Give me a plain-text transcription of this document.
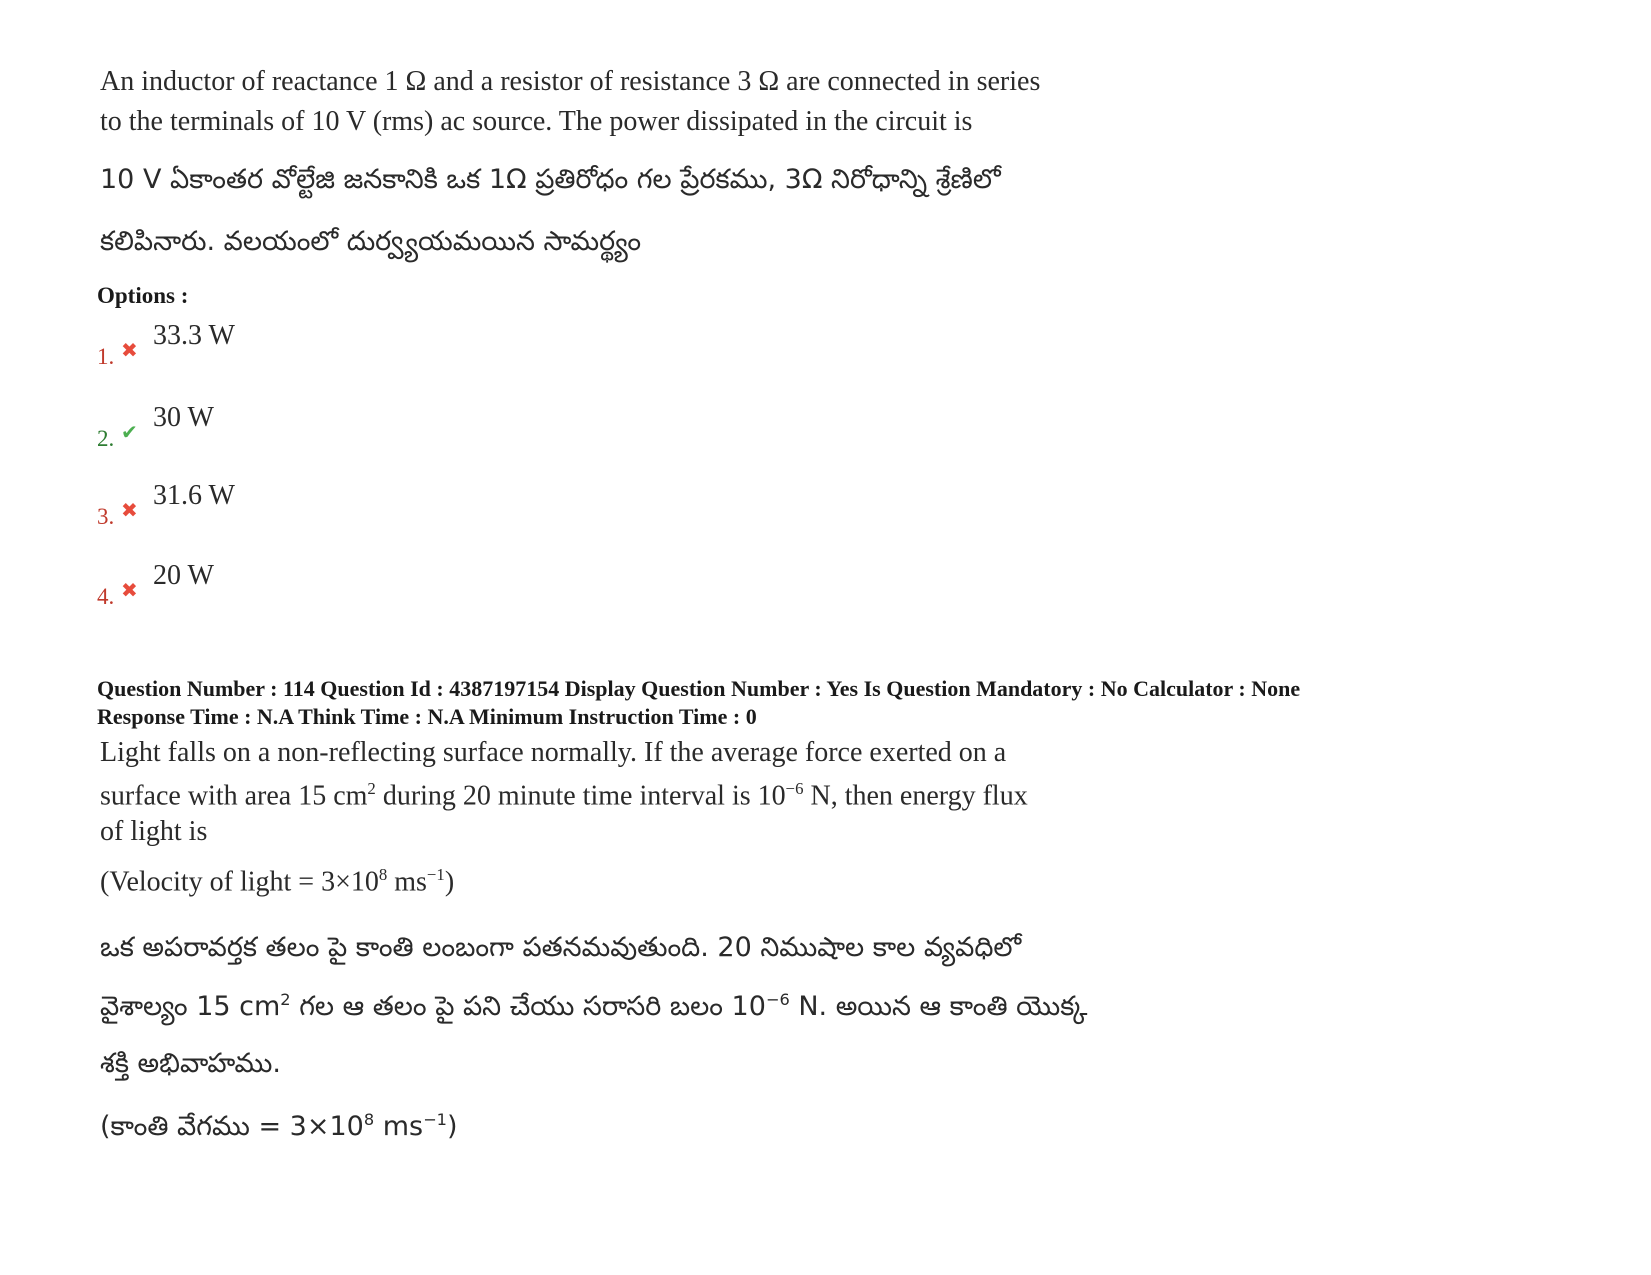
An inductor of reactance 1 Ω and a resistor of resistance 3 Ω are connected in series
to the terminals of 10 V (rms) ac source. The power dissipated in the circuit is
10 V ఏకాంతర వోల్టేజి జనకానికి ఒక 1Ω ప్రతిరోధం గల ప్రేరకము, 3Ω నిరోధాన్ని శ్రేణిలో
కలిపినారు. వలయంలో దుర్వ్యయమయిన సామర్థ్యం
Options :
1. ✖ 33.3 W
2. ✔ 30 W
3. ✖ 31.6 W
4. ✖ 20 W
Question Number : 114 Question Id : 4387197154 Display Question Number : Yes Is Question Mandatory : No Calculator : None
Response Time : N.A Think Time : N.A Minimum Instruction Time : 0
Light falls on a non-reflecting surface normally. If the average force exerted on a
surface with area 15 $cm^2$ during 20 minute time interval is $10^{-6}$ N, then energy flux
of light is
(Velocity of light = $3\times 10^8$ $ms^{-1}$)
ఒక అపరావర్తక తలం పై కాంతి లంబంగా పతనమవుతుంది. 20 నిముషాల కాల వ్యవధిలో
వైశాల్యం 15 $cm^2$ గల ఆ తలం పై పని చేయు సరాసరి బలం $10^{-6}$ N. అయిన ఆ కాంతి యొక్క
శక్తి అభివాహము.
(కాంతి వేగము = $3\times 10^8$ $ms^{-1}$)
